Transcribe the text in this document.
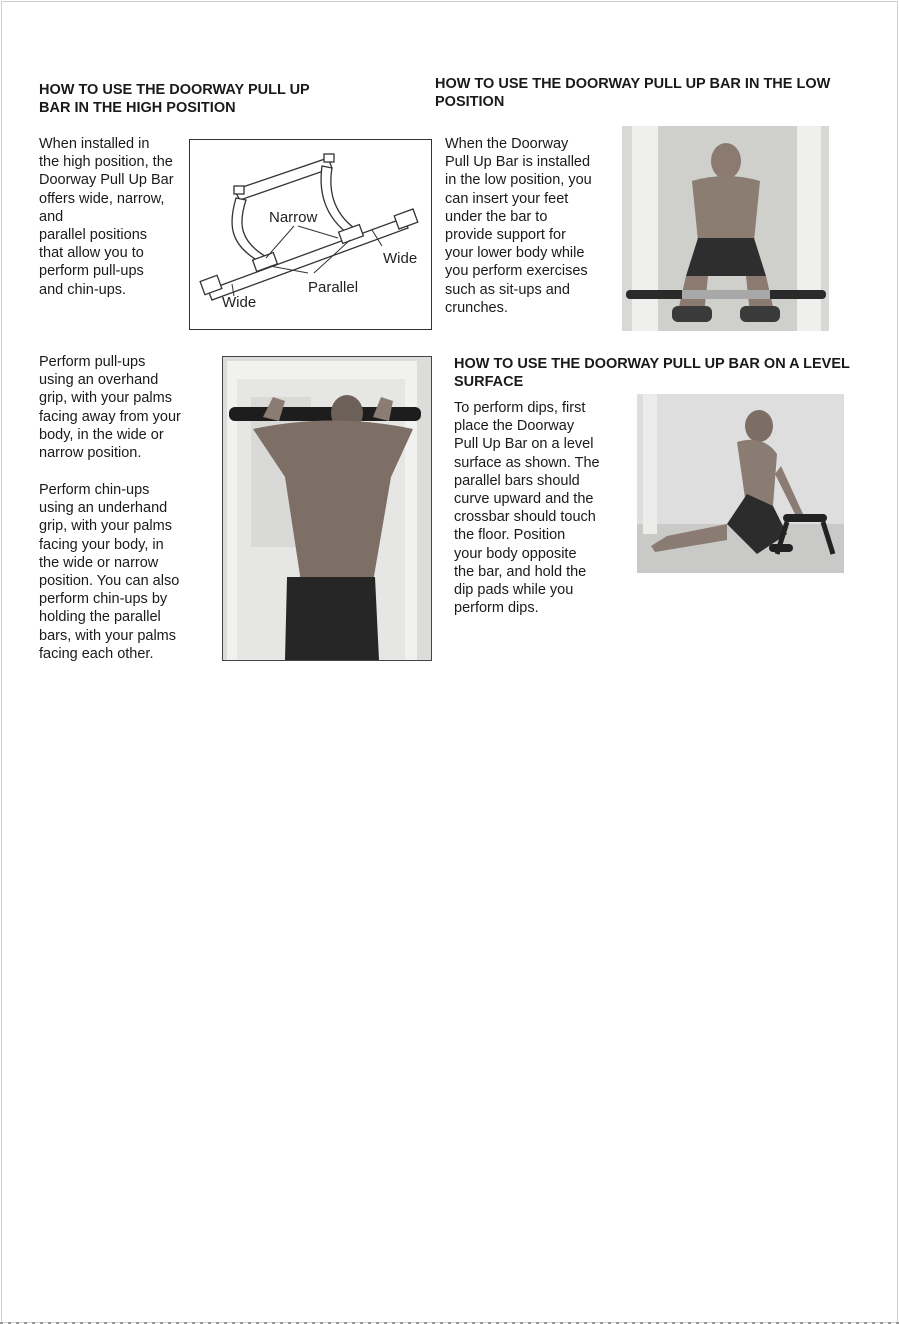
HOW TO USE THE DOORWAY PULL UP
BAR IN THE HIGH POSITION

When installed in
the high position, the
Doorway Pull Up Bar
offers wide, narrow,
and
parallel positions
that allow you to
perform pull-ups
and chin-ups.

Narrow
Wide
Parallel
Wide
HOW TO USE THE DOORWAY PULL UP BAR IN THE LOW
POSITION

When the Doorway
Pull Up Bar is installed
in the low position, you
can insert your feet
under the bar to
provide support for
your lower body while
you perform exercises
such as sit-ups and
crunches.

Perform pull-ups
using an overhand
grip, with your palms
facing away from your
body, in the wide or
narrow position.

Perform chin-ups
using an underhand
grip, with your palms
facing your body, in
the wide or narrow
position. You can also
perform chin-ups by
holding the parallel
bars, with your palms
facing each other.

HOW TO USE THE DOORWAY PULL UP BAR ON A LEVEL
SURFACE

To perform dips, first
place the Doorway
Pull Up Bar on a level
surface as shown. The
parallel bars should
curve upward and the
crossbar should touch
the floor. Position
your body opposite
the bar, and hold the
dip pads while you
perform dips.
